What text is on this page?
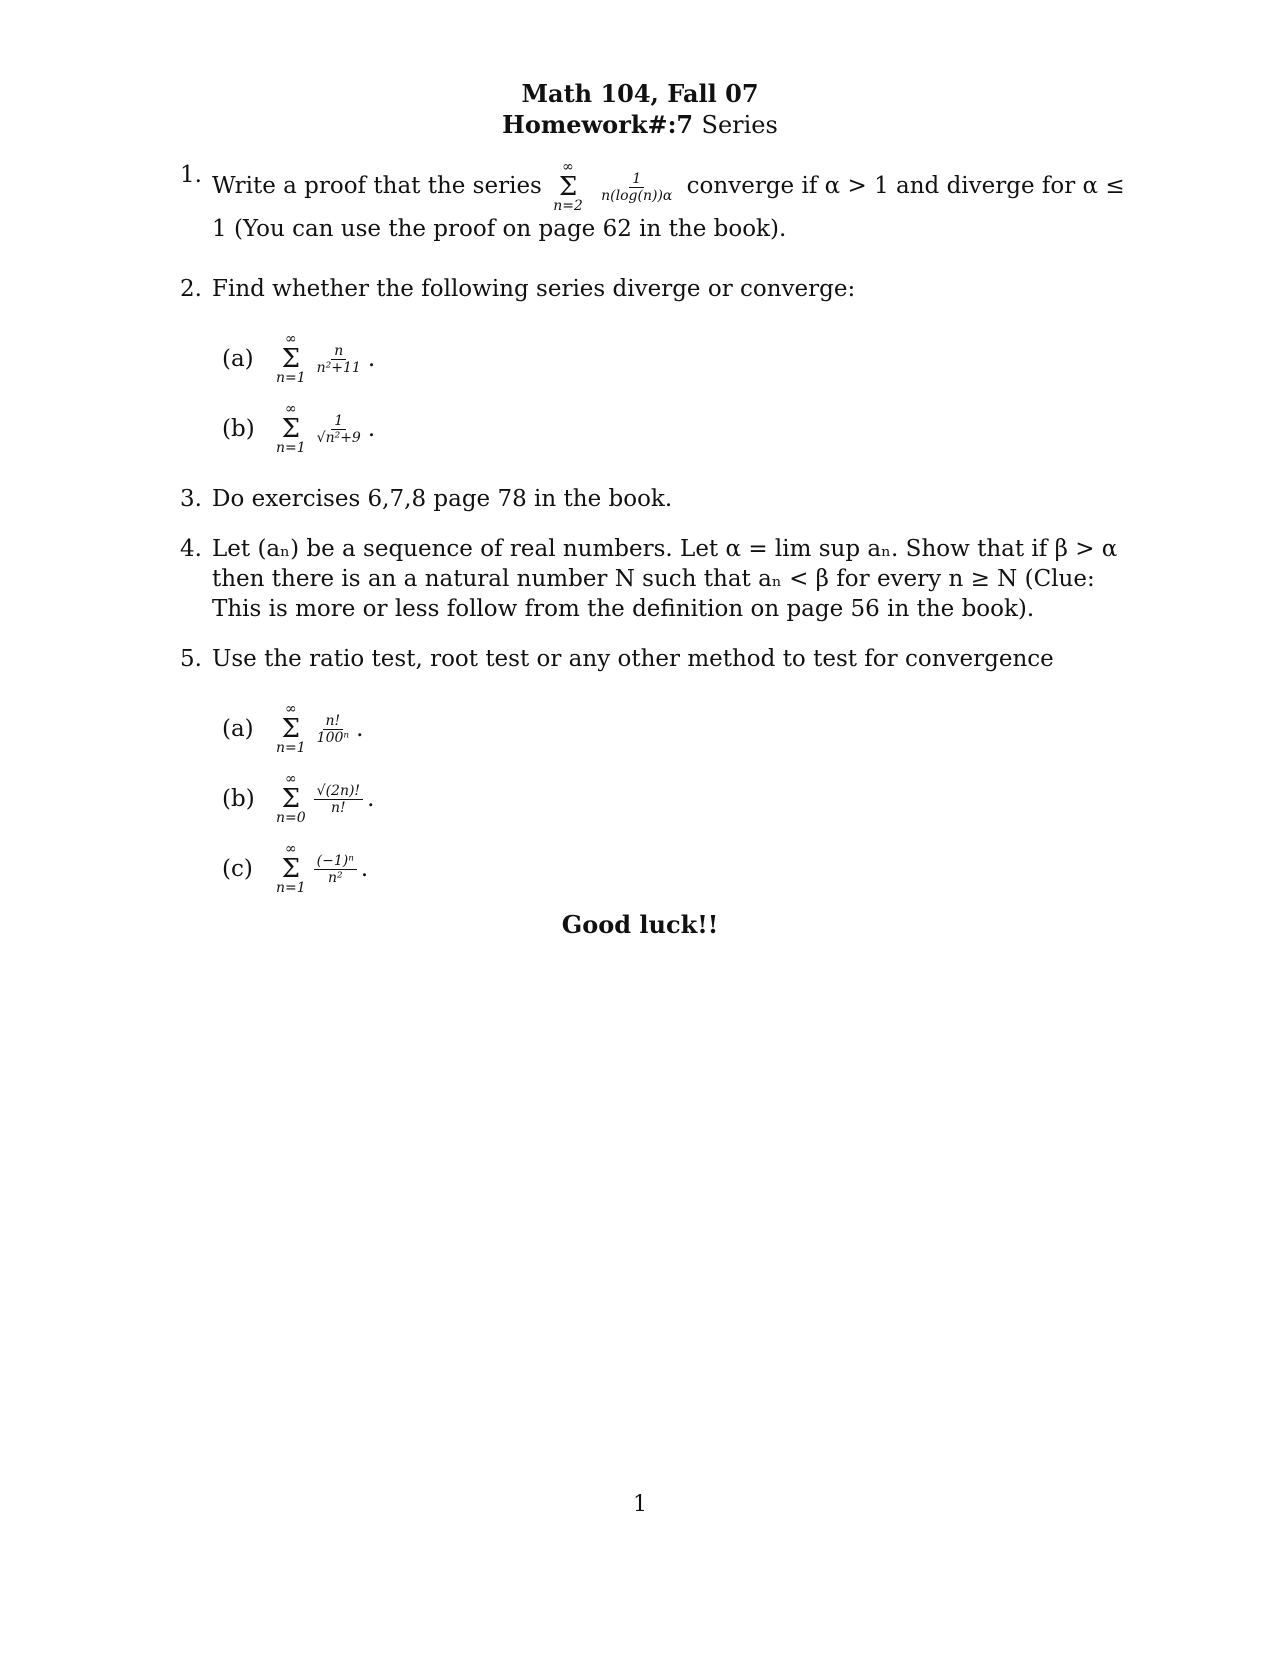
Math 104, Fall 07
Homework#:7 Series
1. Write a proof that the series
∞
Σ
n=2

$\frac{1}{n(\log(n))\alpha}$ converge if α > 1 and diverge for α ≤ 1 (You can use the proof on page 62 in the book).
2. Find whether the following series diverge or converge:
(a)
∞
Σ
n=1
$\frac{n}{\text{n²+11}}$ .
(b)
∞
Σ
n=1
$\frac{1}{\text{√n²+9}}$ .
3. Do exercises 6,7,8 page 78 in the book.
4. Let (aₙ) be a sequence of real numbers. Let α = lim sup aₙ. Show that if β > α then there is an a natural number N such that aₙ < β for every n ≥ N (Clue: This is more or less follow from the definition on page 56 in the book).
5. Use the ratio test, root test or any other method to test for convergence
(a)
∞
Σ
n=1
$\frac{n!}{\text{100ⁿ}}$ .
(b)
∞
Σ
n=0
$\frac{√(2n)!}{n!}$ .
(c)
∞
Σ
n=1
$\frac{\text{(−1)ⁿ}}{\text{n²}}$ .
Good luck!!
1
